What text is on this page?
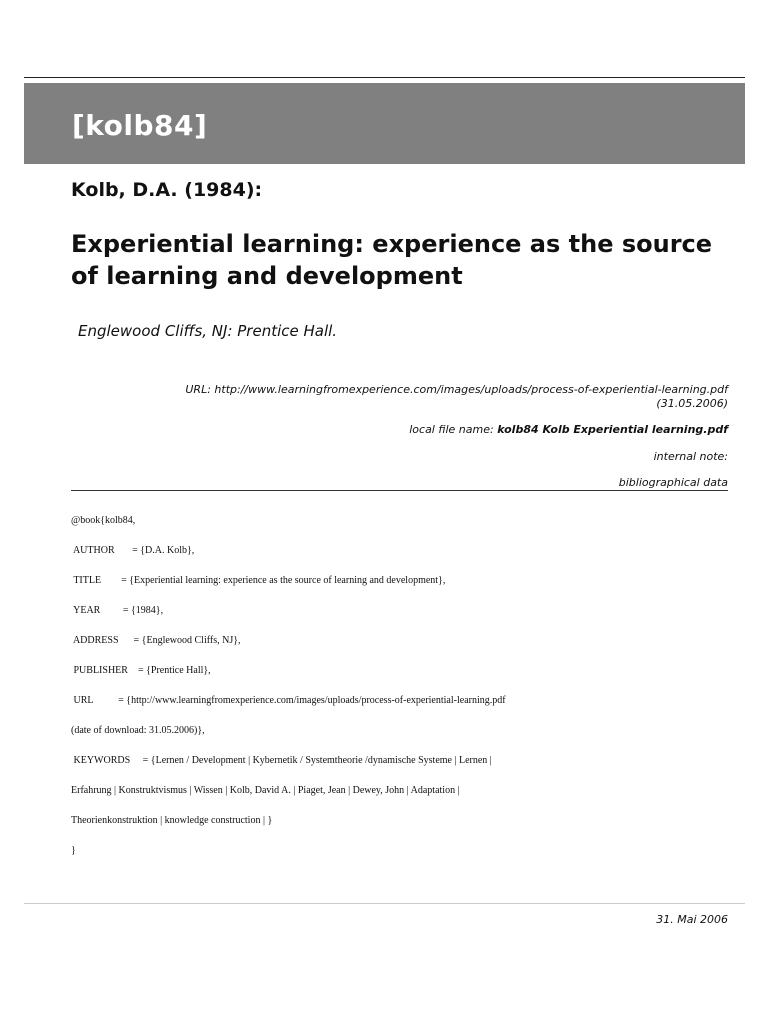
[kolb84]
Kolb, D.A. (1984):
Experiential learning: experience as the source of learning and development

Englewood Cliffs, NJ: Prentice Hall.

URL: http://www.learningfromexperience.com/images/uploads/process-of-experiential-learning.pdf
(31.05.2006)
local file name: kolb84 Kolb Experiential learning.pdf
internal note:
bibliographical data

@book{kolb84,

AUTHOR       = {D.A. Kolb},

TITLE        = {Experiential learning: experience as the source of learning and development},

YEAR         = {1984},

ADDRESS      = {Englewood Cliffs, NJ},

PUBLISHER    = {Prentice Hall},

URL          = {http://www.learningfromexperience.com/images/uploads/process-of-experiential-learning.pdf

(date of download: 31.05.2006)},

KEYWORDS     = {Lernen / Development | Kybernetik / Systemtheorie /dynamische Systeme | Lernen |

Erfahrung | Konstruktvismus | Wissen | Kolb, David A. | Piaget, Jean | Dewey, John | Adaptation |

Theorienkonstruktion | knowledge construction | }

}

31. Mai 2006
